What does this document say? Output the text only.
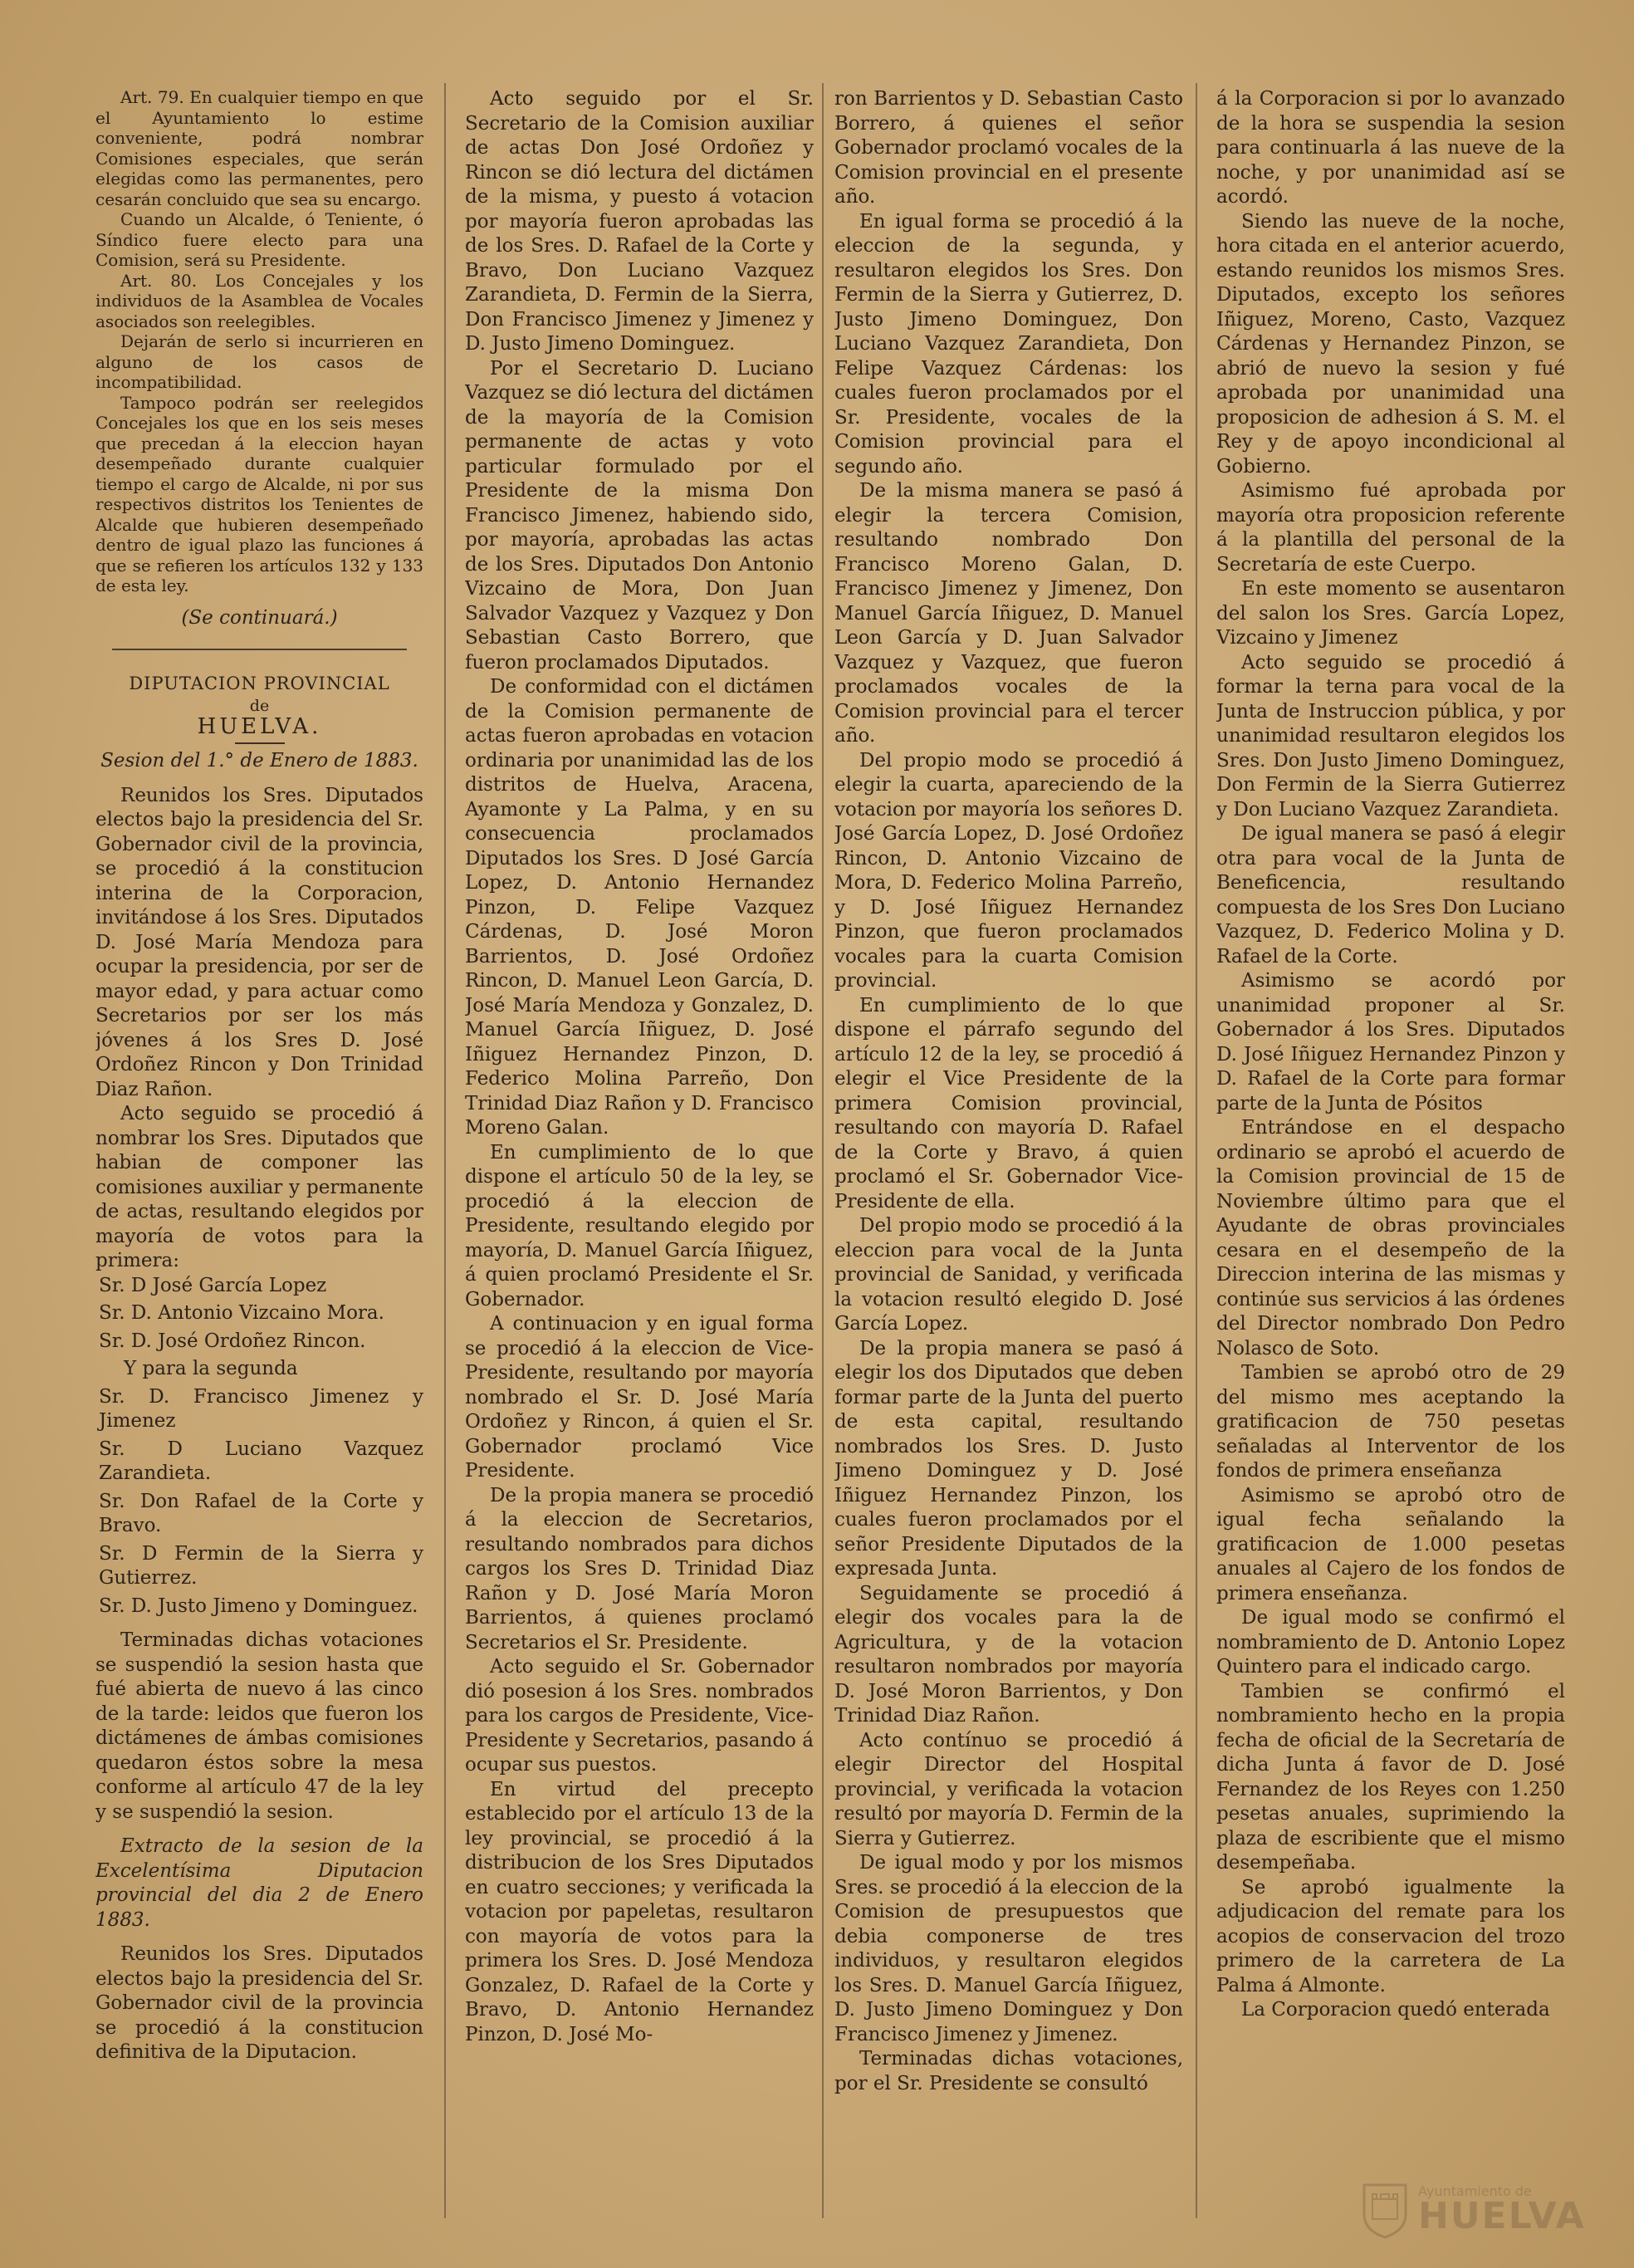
Art. 79. En cualquier tiempo en que el Ayuntamiento lo estime conveniente, podrá nombrar Comisiones especiales, que serán elegidas como las permanentes, pero cesarán concluido que sea su encargo.

Cuando un Alcalde, ó Teniente, ó Síndico fuere electo para una Comision, será su Presidente.

Art. 80. Los Concejales y los individuos de la Asamblea de Vocales asociados son reelegibles.

Dejarán de serlo si incurrieren en alguno de los casos de incompatibilidad.

Tampoco podrán ser reelegidos Concejales los que en los seis meses que precedan á la eleccion hayan desempeñado durante cualquier tiempo el cargo de Alcalde, ni por sus respectivos distritos los Tenientes de Alcalde que hubieren desempeñado dentro de igual plazo las funciones á que se refieren los artículos 132 y 133 de esta ley.

(Se continuará.)

DIPUTACION PROVINCIAL
de
HUELVA.

Sesion del 1.° de Enero de 1883.

Reunidos los Sres. Diputados electos bajo la presidencia del Sr. Gobernador civil de la provincia, se procedió á la constitucion interina de la Corporacion, invitándose á los Sres. Diputados D. José María Mendoza para ocupar la presidencia, por ser de mayor edad, y para actuar como Secretarios por ser los más jóvenes á los Sres D. José Ordoñez Rincon y Don Trinidad Diaz Rañon.

Acto seguido se procedió á nombrar los Sres. Diputados que habian de componer las comisiones auxiliar y permanente de actas, resultando elegidos por mayoría de votos para la primera:

Sr. D José García Lopez
Sr. D. Antonio Vizcaino Mora.
Sr. D. José Ordoñez Rincon.
Y para la segunda
Sr. D. Francisco Jimenez y Jimenez
Sr. D Luciano Vazquez Zarandieta.
Sr. Don Rafael de la Corte y Bravo.
Sr. D Fermin de la Sierra y Gutierrez.
Sr. D. Justo Jimeno y Dominguez.

Terminadas dichas votaciones se suspendió la sesion hasta que fué abierta de nuevo á las cinco de la tarde: leidos que fueron los dictámenes de ámbas comisiones quedaron éstos sobre la mesa conforme al artículo 47 de la ley y se suspendió la sesion.

Extracto de la sesion de la Excelentísima Diputacion provincial del dia 2 de Enero 1883.

Reunidos los Sres. Diputados electos bajo la presidencia del Sr. Gobernador civil de la provincia se procedió á la constitucion definitiva de la Diputacion.

Acto seguido por el Sr. Secretario de la Comision auxiliar de actas Don José Ordoñez y Rincon se dió lectura del dictámen de la misma, y puesto á votacion por mayoría fueron aprobadas las de los Sres. D. Rafael de la Corte y Bravo, Don Luciano Vazquez Zarandieta, D. Fermin de la Sierra, Don Francisco Jimenez y Jimenez y D. Justo Jimeno Dominguez.

Por el Secretario D. Luciano Vazquez se dió lectura del dictámen de la mayoría de la Comision permanente de actas y voto particular formulado por el Presidente de la misma Don Francisco Jimenez, habiendo sido, por mayoría, aprobadas las actas de los Sres. Diputados Don Antonio Vizcaino de Mora, Don Juan Salvador Vazquez y Vazquez y Don Sebastian Casto Borrero, que fueron proclamados Diputados.

De conformidad con el dictámen de la Comision permanente de actas fueron aprobadas en votacion ordinaria por unanimidad las de los distritos de Huelva, Aracena, Ayamonte y La Palma, y en su consecuencia proclamados Diputados los Sres. D José García Lopez, D. Antonio Hernandez Pinzon, D. Felipe Vazquez Cárdenas, D. José Moron Barrientos, D. José Ordoñez Rincon, D. Manuel Leon García, D. José María Mendoza y Gonzalez, D. Manuel García Iñiguez, D. José Iñiguez Hernandez Pinzon, D. Federico Molina Parreño, Don Trinidad Diaz Rañon y D. Francisco Moreno Galan.

En cumplimiento de lo que dispone el artículo 50 de la ley, se procedió á la eleccion de Presidente, resultando elegido por mayoría, D. Manuel García Iñiguez, á quien proclamó Presidente el Sr. Gobernador.

A continuacion y en igual forma se procedió á la eleccion de Vice-Presidente, resultando por mayoría nombrado el Sr. D. José María Ordoñez y Rincon, á quien el Sr. Gobernador proclamó Vice Presidente.

De la propia manera se procedió á la eleccion de Secretarios, resultando nombrados para dichos cargos los Sres D. Trinidad Diaz Rañon y D. José María Moron Barrientos, á quienes proclamó Secretarios el Sr. Presidente.

Acto seguido el Sr. Gobernador dió posesion á los Sres. nombrados para los cargos de Presidente, Vice-Presidente y Secretarios, pasando á ocupar sus puestos.

En virtud del precepto establecido por el artículo 13 de la ley provincial, se procedió á la distribucion de los Sres Diputados en cuatro secciones; y verificada la votacion por papeletas, resultaron con mayoría de votos para la primera los Sres. D. José Mendoza Gonzalez, D. Rafael de la Corte y Bravo, D. Antonio Hernandez Pinzon, D. José Mo-

ron Barrientos y D. Sebastian Casto Borrero, á quienes el señor Gobernador proclamó vocales de la Comision provincial en el presente año.

En igual forma se procedió á la eleccion de la segunda, y resultaron elegidos los Sres. Don Fermin de la Sierra y Gutierrez, D. Justo Jimeno Dominguez, Don Luciano Vazquez Zarandieta, Don Felipe Vazquez Cárdenas: los cuales fueron proclamados por el Sr. Presidente, vocales de la Comision provincial para el segundo año.

De la misma manera se pasó á elegir la tercera Comision, resultando nombrado Don Francisco Moreno Galan, D. Francisco Jimenez y Jimenez, Don Manuel García Iñiguez, D. Manuel Leon García y D. Juan Salvador Vazquez y Vazquez, que fueron proclamados vocales de la Comision provincial para el tercer año.

Del propio modo se procedió á elegir la cuarta, apareciendo de la votacion por mayoría los señores D. José García Lopez, D. José Ordoñez Rincon, D. Antonio Vizcaino de Mora, D. Federico Molina Parreño, y D. José Iñiguez Hernandez Pinzon, que fueron proclamados vocales para la cuarta Comision provincial.

En cumplimiento de lo que dispone el párrafo segundo del artículo 12 de la ley, se procedió á elegir el Vice Presidente de la primera Comision provincial, resultando con mayoría D. Rafael de la Corte y Bravo, á quien proclamó el Sr. Gobernador Vice-Presidente de ella.

Del propio modo se procedió á la eleccion para vocal de la Junta provincial de Sanidad, y verificada la votacion resultó elegido D. José García Lopez.

De la propia manera se pasó á elegir los dos Diputados que deben formar parte de la Junta del puerto de esta capital, resultando nombrados los Sres. D. Justo Jimeno Dominguez y D. José Iñiguez Hernandez Pinzon, los cuales fueron proclamados por el señor Presidente Diputados de la expresada Junta.

Seguidamente se procedió á elegir dos vocales para la de Agricultura, y de la votacion resultaron nombrados por mayoría D. José Moron Barrientos, y Don Trinidad Diaz Rañon.

Acto contínuo se procedió á elegir Director del Hospital provincial, y verificada la votacion resultó por mayoría D. Fermin de la Sierra y Gutierrez.

De igual modo y por los mismos Sres. se procedió á la eleccion de la Comision de presupuestos que debia componerse de tres individuos, y resultaron elegidos los Sres. D. Manuel García Iñiguez, D. Justo Jimeno Dominguez y Don Francisco Jimenez y Jimenez.

Terminadas dichas votaciones, por el Sr. Presidente se consultó

á la Corporacion si por lo avanzado de la hora se suspendia la sesion para continuarla á las nueve de la noche, y por unanimidad así se acordó.

Siendo las nueve de la noche, hora citada en el anterior acuerdo, estando reunidos los mismos Sres. Diputados, excepto los señores Iñiguez, Moreno, Casto, Vazquez Cárdenas y Hernandez Pinzon, se abrió de nuevo la sesion y fué aprobada por unanimidad una proposicion de adhesion á S. M. el Rey y de apoyo incondicional al Gobierno.

Asimismo fué aprobada por mayoría otra proposicion referente á la plantilla del personal de la Secretaría de este Cuerpo.

En este momento se ausentaron del salon los Sres. García Lopez, Vizcaino y Jimenez

Acto seguido se procedió á formar la terna para vocal de la Junta de Instruccion pública, y por unanimidad resultaron elegidos los Sres. Don Justo Jimeno Dominguez, Don Fermin de la Sierra Gutierrez y Don Luciano Vazquez Zarandieta.

De igual manera se pasó á elegir otra para vocal de la Junta de Beneficencia, resultando compuesta de los Sres Don Luciano Vazquez, D. Federico Molina y D. Rafael de la Corte.

Asimismo se acordó por unanimidad proponer al Sr. Gobernador á los Sres. Diputados D. José Iñiguez Hernandez Pinzon y D. Rafael de la Corte para formar parte de la Junta de Pósitos

Entrándose en el despacho ordinario se aprobó el acuerdo de la Comision provincial de 15 de Noviembre último para que el Ayudante de obras provinciales cesara en el desempeño de la Direccion interina de las mismas y continúe sus servicios á las órdenes del Director nombrado Don Pedro Nolasco de Soto.

Tambien se aprobó otro de 29 del mismo mes aceptando la gratificacion de 750 pesetas señaladas al Interventor de los fondos de primera enseñanza

Asimismo se aprobó otro de igual fecha señalando la gratificacion de 1.000 pesetas anuales al Cajero de los fondos de primera enseñanza.

De igual modo se confirmó el nombramiento de D. Antonio Lopez Quintero para el indicado cargo.

Tambien se confirmó el nombramiento hecho en la propia fecha de oficial de la Secretaría de dicha Junta á favor de D. José Fernandez de los Reyes con 1.250 pesetas anuales, suprimiendo la plaza de escribiente que el mismo desempeñaba.

Se aprobó igualmente la adjudicacion del remate para los acopios de conservacion del trozo primero de la carretera de La Palma á Almonte.

La Corporacion quedó enterada

Ayuntamiento de
HUELVA
